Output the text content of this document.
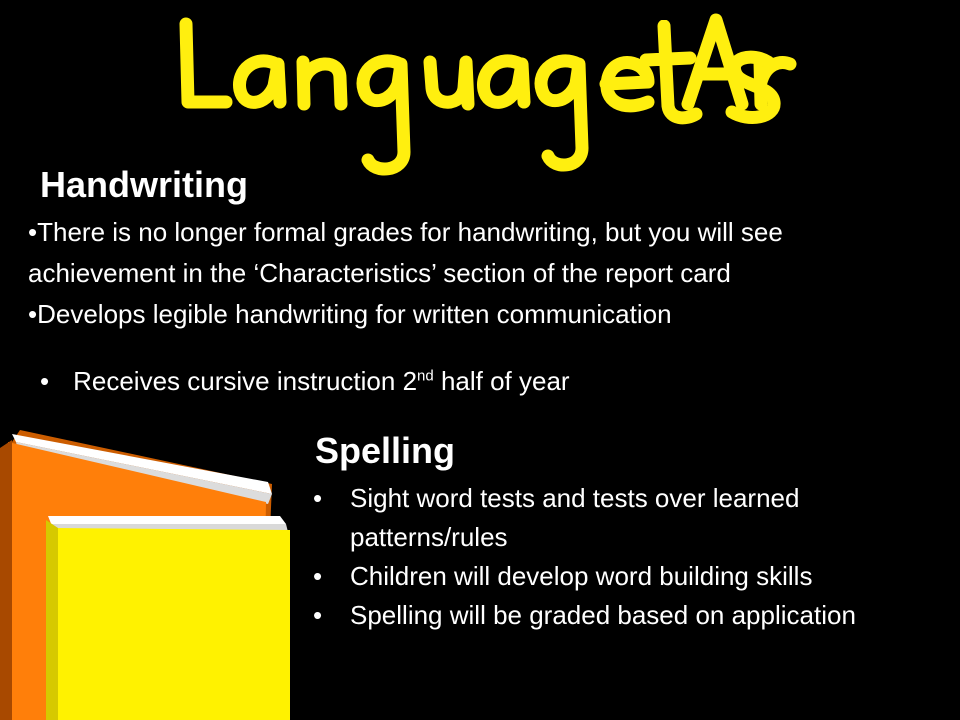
Handwriting
•There is no longer formal grades for handwriting, but you will see achievement in the ‘Characteristics’ section of the report card
•Develops legible handwriting for written communication
• Receives cursive instruction 2nd half of year
Spelling
• Sight word tests and tests over learned patterns/rules
• Children will develop word building skills
• Spelling will be graded based on application
